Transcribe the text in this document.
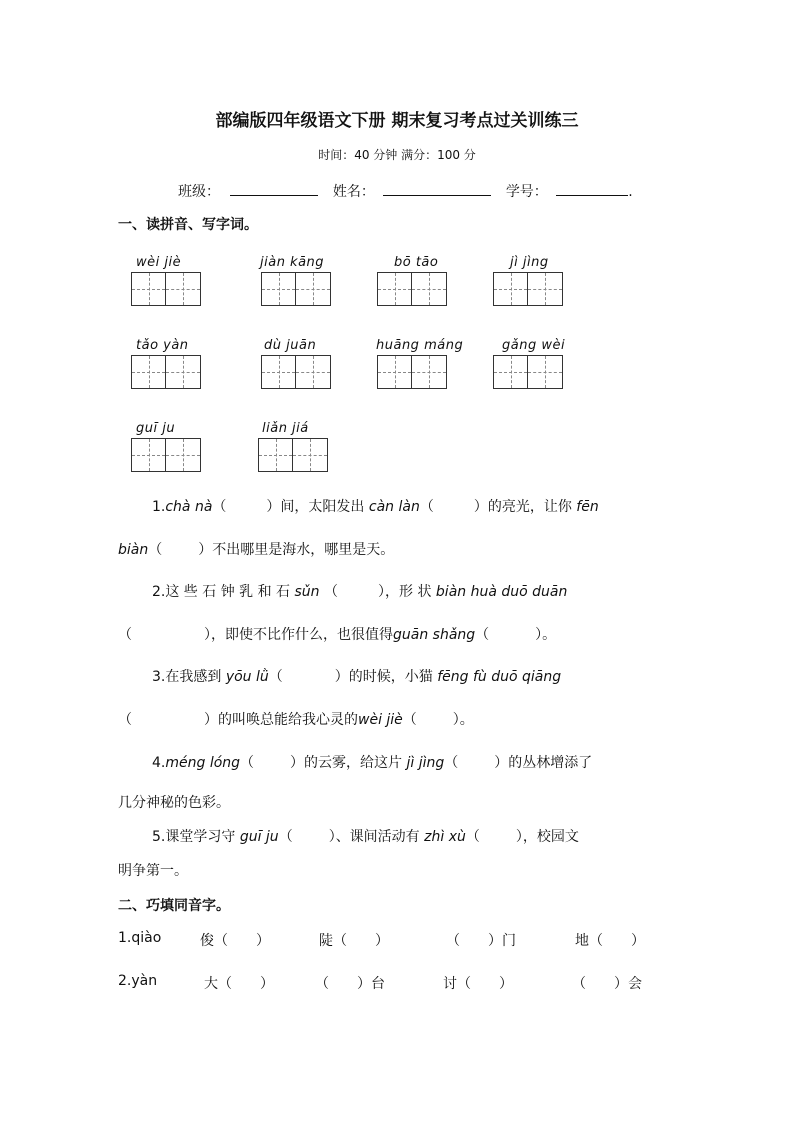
部编版四年级语文下册 期末复习考点过关训练三
时间：40 分钟 满分：100 分
班级：	姓名：	学号：	.
一、读拼音、写字词。
wèi jiè	jiàn kāng	bō tāo	jì jìng
tǎo yàn	dù juān	huāng máng	gǎng wèi
guī ju	liǎn jiá
1.chà nà（	）间，太阳发出 càn làn（	）的亮光，让你 fēn
biàn（	）不出哪里是海水，哪里是天。
2.这 些 石 钟 乳 和 石 sǔn （	），形 状 biàn huà duō duān
（	），即使不比作什么，也很值得guān shǎng（	）。
3.在我感到 yōu lǜ（	）的时候，小猫 fēng fù duō qiāng
（	）的叫唤总能给我心灵的wèi jiè（	）。
4.méng lóng（	）的云雾，给这片 jì jìng（	）的丛林增添了
几分神秘的色彩。
5.课堂学习守 guī ju（	）、课间活动有 zhì xù（	），校园文
明争第一。
二、巧填同音字。
1.qiào	俊（　　）	陡（　　）	（　　）门	地（　　）
2.yàn	大（　　）	（　　）台	讨（　　）	（　　）会
